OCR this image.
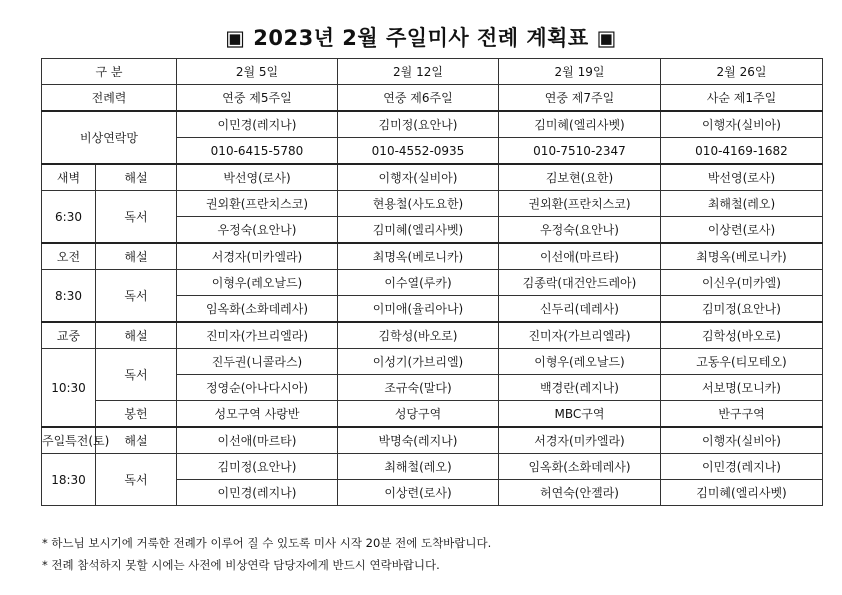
▣ 2023년 2월 주일미사 전례 계획표 ▣
구 분		2월 5일	2월 12일	2월 19일	2월 26일
전례력		연중 제5주일	연중 제6주일	연중 제7주일	사순 제1주일
비상연락망		이민경(레지나)	김미정(요안나)	김미혜(엘리사벳)	이행자(실비아)
		010-6415-5780	010-4552-0935	010-7510-2347	010-4169-1682
새벽	해설	박선영(로사)	이행자(실비아)	김보현(요한)	박선영(로사)
6:30	독서	권외환(프란치스코)	현용철(사도요한)	권외환(프란치스코)	최해철(레오)
		우정숙(요안나)	김미혜(엘리사벳)	우정숙(요안나)	이상련(로사)
오전	해설	서경자(미카엘라)	최명옥(베로니카)	이선애(마르타)	최명옥(베로니카)
8:30	독서	이형우(레오날드)	이수열(루카)	김종락(대건안드레아)	이신우(미카엘)
		임옥화(소화데레사)	이미애(율리아나)	신두리(데레사)	김미정(요안나)
교중	해설	진미자(가브리엘라)	김학성(바오로)	진미자(가브리엘라)	김학성(바오로)
10:30	독서	진두권(니콜라스)	이성기(가브리엘)	이형우(레오날드)	고동우(티모테오)
		정영순(아나다시아)	조규숙(말다)	백경란(레지나)	서보명(모니카)
	봉헌	성모구역 사랑반	성당구역	MBC구역	반구구역
주일특전(토)	해설	이선애(마르타)	박명숙(레지나)	서경자(미카엘라)	이행자(실비아)
18:30	독서	김미정(요안나)	최해철(레오)	임옥화(소화데레사)	이민경(레지나)
		이민경(레지나)	이상련(로사)	허연숙(안젤라)	김미혜(엘리사벳)
* 하느님 보시기에 거룩한 전례가 이루어 질 수 있도록 미사 시작 20분 전에 도착바랍니다.
* 전례 참석하지 못할 시에는 사전에 비상연락 담당자에게 반드시 연락바랍니다.
